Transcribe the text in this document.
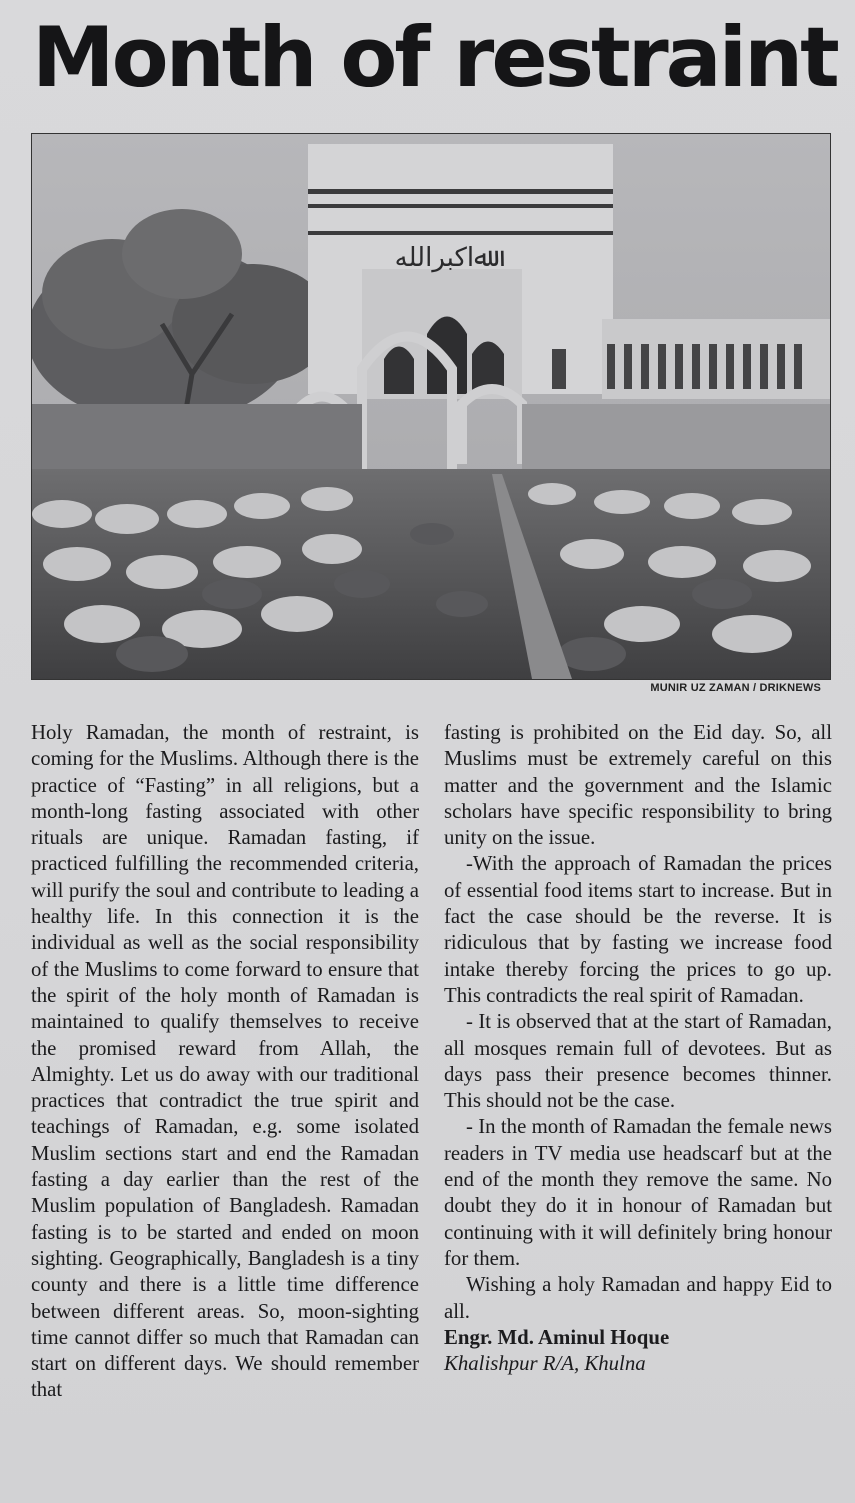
Month of restraint
ﷲاكبرالله
MUNIR UZ ZAMAN / DRIKNEWS

Holy Ramadan, the month of restraint, is coming for the Muslims. Although there is the practice of “Fasting” in all religions, but a month-long fasting associated with other rituals are unique. Ramadan fasting, if practiced fulfilling the recommended criteria, will purify the soul and contribute to leading a healthy life. In this connection it is the individual as well as the social responsibility of the Muslims to come forward to ensure that the spirit of the holy month of Ramadan is maintained to qualify themselves to receive the promised reward from Allah, the Almighty. Let us do away with our traditional practices that contradict the true spirit and teachings of Ramadan, e.g. some isolated Muslim sections start and end the Ramadan fasting a day earlier than the rest of the Muslim population of Bangladesh. Ramadan fasting is to be started and ended on moon sighting. Geographically, Bangladesh is a tiny county and there is a little time difference between different areas. So, moon-sighting time cannot differ so much that Ramadan can start on different days. We should remember that

fasting is prohibited on the Eid day. So, all Muslims must be extremely careful on this matter and the government and the Islamic scholars have specific responsibility to bring unity on the issue.

-With the approach of Ramadan the prices of essential food items start to increase. But in fact the case should be the reverse. It is ridiculous that by fasting we increase food intake thereby forcing the prices to go up. This contradicts the real spirit of Ramadan.

- It is observed that at the start of Ramadan, all mosques remain full of devotees. But as days pass their presence becomes thinner. This should not be the case.

- In the month of Ramadan the female news readers in TV media use headscarf but at the end of the month they remove the same. No doubt they do it in honour of Ramadan but continuing with it will definitely bring honour for them.

Wishing a holy Ramadan and happy Eid to all.

Engr. Md. Aminul Hoque

Khalishpur R/A, Khulna
